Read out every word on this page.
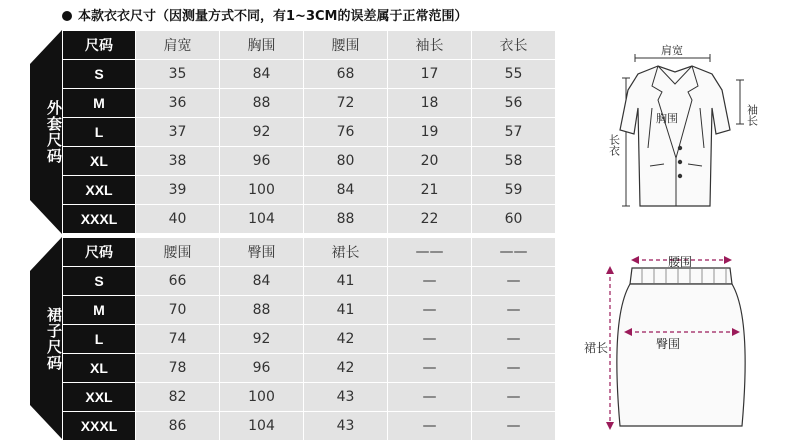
本款衣衣尺寸（因测量方式不同，有1~3CM的误差属于正常范围）
外套尺码
裙子尺码
尺码	肩宽	胸围	腰围	袖长	衣长
S	35	84	68	17	55
M	36	88	72	18	56
L	37	92	76	19	57
XL	38	96	80	20	58
XXL	39	100	84	21	59
XXXL	40	104	88	22	60
尺码	腰围	臀围	裙长	——	——
S	66	84	41	—	—
M	70	88	41	—	—
L	74	92	42	—	—
XL	78	96	42	—	—
XXL	82	100	43	—	—
XXXL	86	104	43	—	—
肩宽
袖长
长衣
胸围
腰围
臀围
裙长
